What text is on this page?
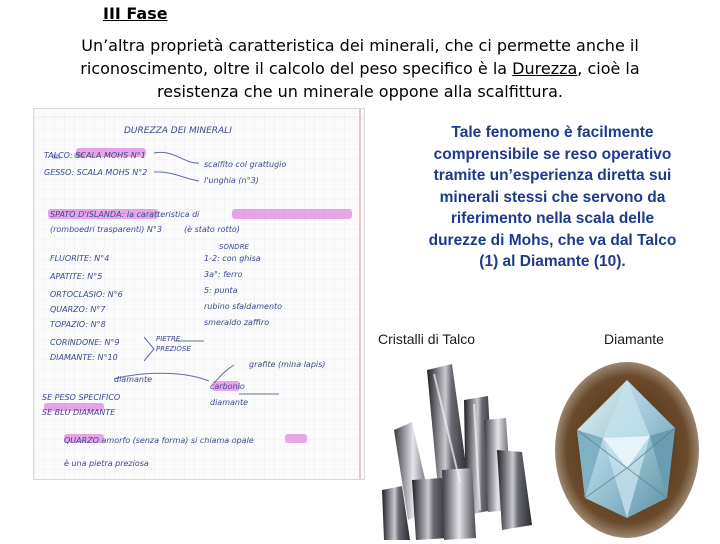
III Fase
Un’altra proprietà caratteristica dei minerali, che ci permette anche il riconoscimento, oltre il calcolo del peso specifico è la Durezza, cioè la resistenza che un minerale oppone alla scalfittura.
DUREZZA DEI MINERALI
TALCO: SCALA MOHS N°1
GESSO: SCALA MOHS N°2
SPATO D'ISLANDA: la caratteristica di
(romboedri trasparenti) N°3
FLUORITE: N°4
APATITE: N°5
ORTOCLASIO: N°6
QUARZO: N°7
TOPAZIO: N°8
CORINDONE: N°9
DIAMANTE: N°10
SE PESO SPECIFICO
SE BLU DIAMANTE
QUARZO amorfo (senza forma) si chiama opale
è una pietra preziosa
scalfito col grattugio
l'unghia (n°3)
(è stato rotto)
SONDRE
1-2: con ghisa
3a°: ferro
5: punta
rubino sfaldamento
smeraldo zaffiro
PIETRE
PREZIOSE
grafite (mina lapis)
carbonio
diamante
diamante
Tale fenomeno è facilmente comprensibile se reso operativo tramite un’esperienza diretta sui minerali stessi che servono da riferimento nella scala delle durezze di Mohs, che va dal Talco (1) al Diamante (10).
Cristalli di Talco	Diamante
